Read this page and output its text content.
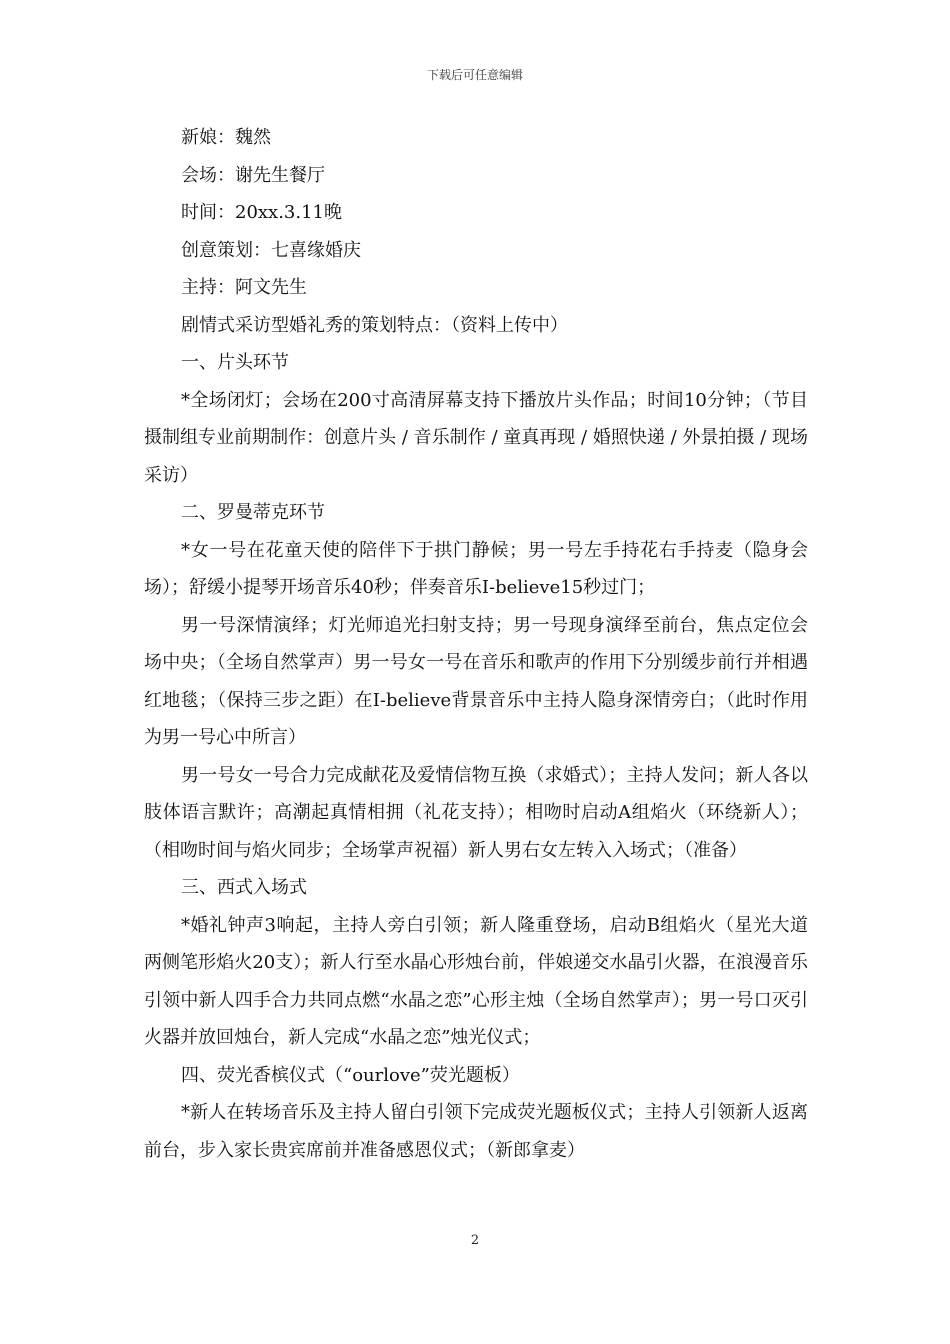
下载后可任意编辑

新娘：魏然

会场：谢先生餐厅

时间：20xx.3.11晚

创意策划：七喜缘婚庆

主持：阿文先生

剧情式采访型婚礼秀的策划特点：（资料上传中）

一、片头环节

*全场闭灯；会场在200寸高清屏幕支持下播放片头作品；时间10分钟；（节目摄制组专业前期制作：创意片头 / 音乐制作 / 童真再现 / 婚照快递 / 外景拍摄 / 现场采访）

二、罗曼蒂克环节

*女一号在花童天使的陪伴下于拱门静候；男一号左手持花右手持麦（隐身会场）；舒缓小提琴开场音乐40秒；伴奏音乐I-believe15秒过门；

男一号深情演绎；灯光师追光扫射支持；男一号现身演绎至前台，焦点定位会场中央；（全场自然掌声）男一号女一号在音乐和歌声的作用下分别缓步前行并相遇红地毯；（保持三步之距）在I-believe背景音乐中主持人隐身深情旁白；（此时作用为男一号心中所言）

男一号女一号合力完成献花及爱情信物互换（求婚式）；主持人发问；新人各以肢体语言默许；高潮起真情相拥（礼花支持）；相吻时启动A组焰火（环绕新人）；（相吻时间与焰火同步；全场掌声祝福）新人男右女左转入入场式；（准备）

三、西式入场式

*婚礼钟声3响起，主持人旁白引领；新人隆重登场，启动B组焰火（星光大道两侧笔形焰火20支）；新人行至水晶心形烛台前，伴娘递交水晶引火器，在浪漫音乐引领中新人四手合力共同点燃“水晶之恋”心形主烛（全场自然掌声）；男一号口灭引火器并放回烛台，新人完成“水晶之恋”烛光仪式；

四、荧光香槟仪式（“ourlove”荧光题板）

*新人在转场音乐及主持人留白引领下完成荧光题板仪式；主持人引领新人返离前台，步入家长贵宾席前并准备感恩仪式；（新郎拿麦）

2
